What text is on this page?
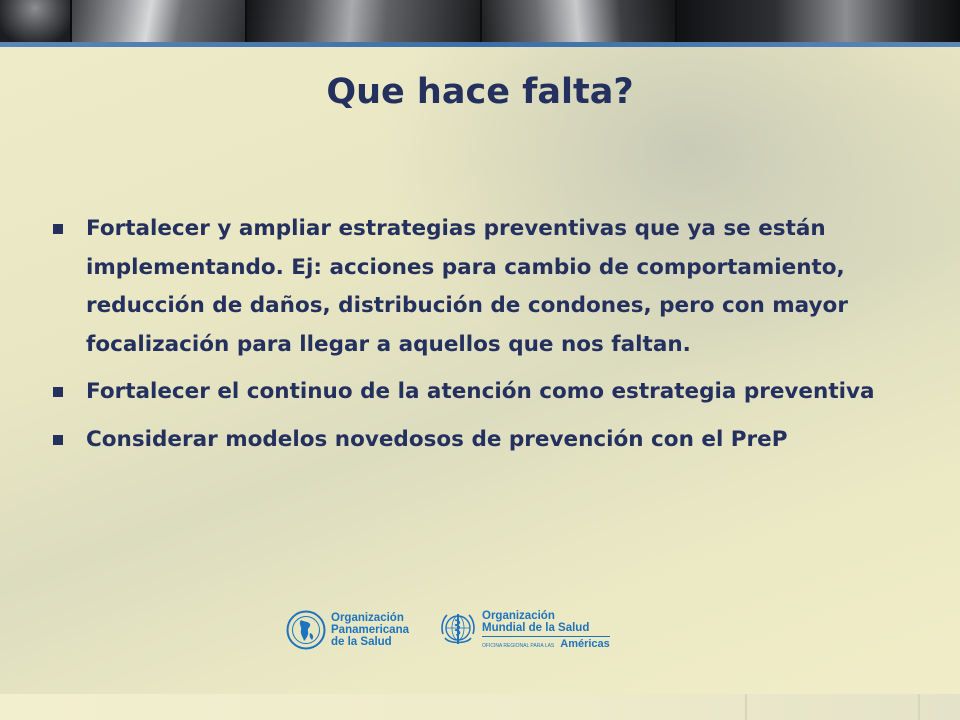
Que hace falta?
Fortalecer y ampliar estrategias preventivas que ya se están implementando. Ej: acciones para cambio de comportamiento, reducción de daños, distribución de condones, pero con mayor focalización para llegar a aquellos que nos faltan.
Fortalecer el continuo de la atención como estrategia preventiva
Considerar modelos novedosos de prevención con el PreP
Organización
Panamericana
de la Salud
Organización
Mundial de la Salud
OFICINA REGIONAL PARA LAS Américas
